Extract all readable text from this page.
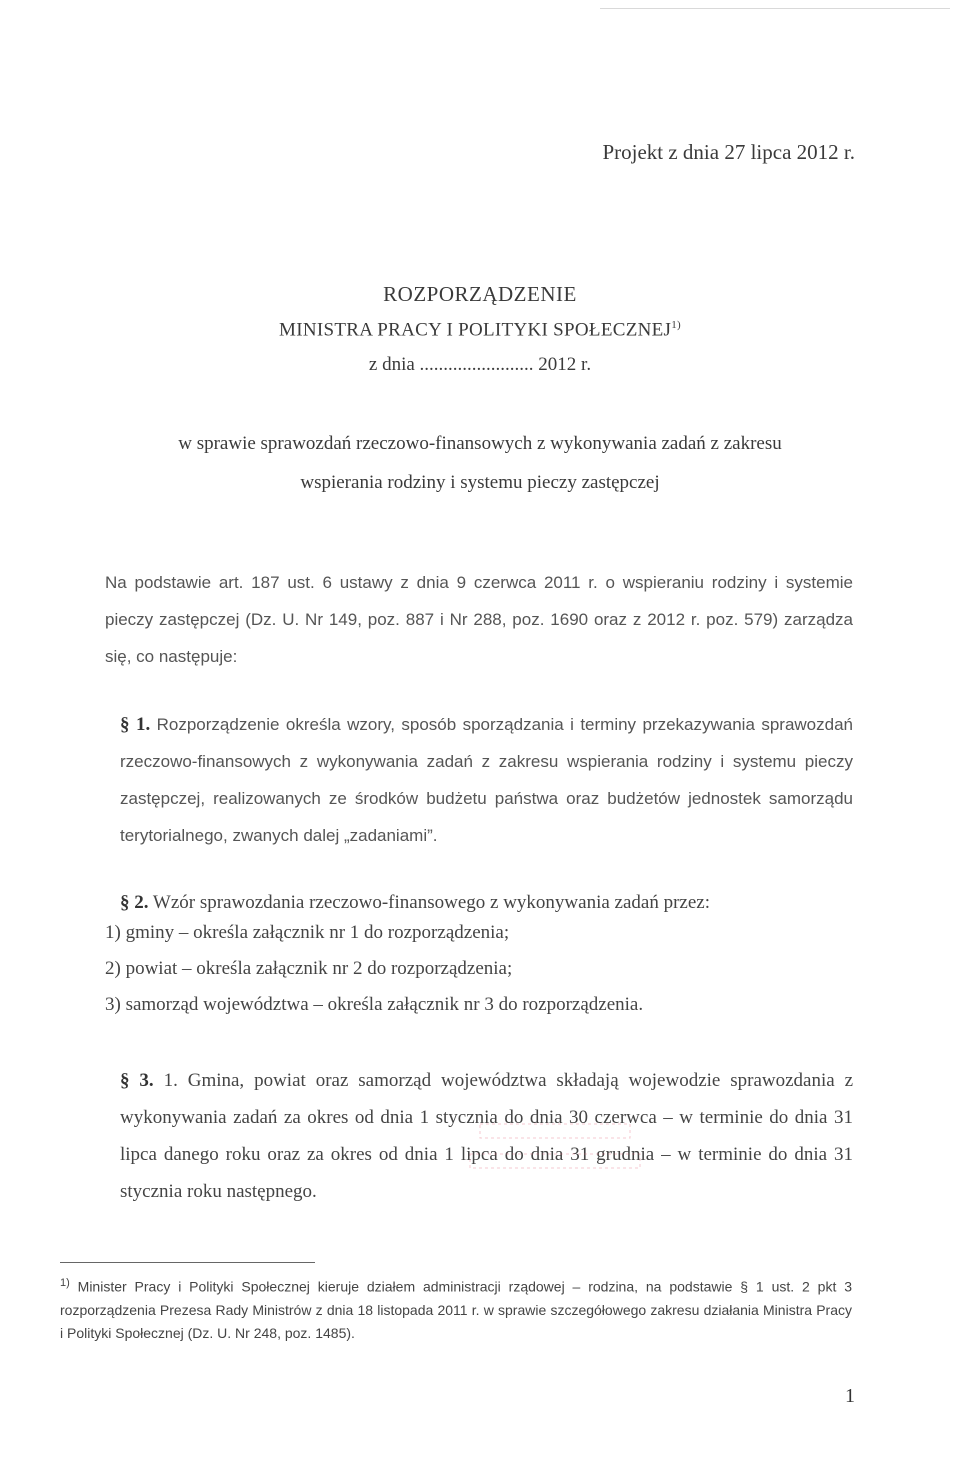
Projekt z dnia 27 lipca 2012 r.
ROZPORZĄDZENIE
MINISTRA PRACY I POLITYKI SPOŁECZNEJ$^{1)}$
z dnia ........................ 2012 r.
w sprawie sprawozdań rzeczowo-finansowych z wykonywania zadań z zakresu
wspierania rodziny i systemu pieczy zastępczej
Na podstawie art. 187 ust. 6 ustawy z dnia 9 czerwca 2011 r. o wspieraniu rodziny i systemie pieczy zastępczej (Dz. U. Nr 149, poz. 887 i Nr 288, poz. 1690 oraz z 2012 r. poz. 579) zarządza się, co następuje:
§ 1. Rozporządzenie określa wzory, sposób sporządzania i terminy przekazywania sprawozdań rzeczowo-finansowych z wykonywania zadań z zakresu wspierania rodziny i systemu pieczy zastępczej, realizowanych ze środków budżetu państwa oraz budżetów jednostek samorządu terytorialnego, zwanych dalej „zadaniami”.
§ 2. Wzór sprawozdania rzeczowo-finansowego z wykonywania zadań przez:
1) gminy – określa załącznik nr 1 do rozporządzenia;
2) powiat – określa załącznik nr 2 do rozporządzenia;
3) samorząd województwa – określa załącznik nr 3 do rozporządzenia.
§ 3. 1. Gmina, powiat oraz samorząd województwa składają wojewodzie sprawozdania z wykonywania zadań za okres od dnia 1 stycznia do dnia 30 czerwca – w terminie do dnia 31 lipca danego roku oraz za okres od dnia 1 lipca do dnia 31 grudnia – w terminie do dnia 31 stycznia roku następnego.
$^{1)}$ Minister Pracy i Polityki Społecznej kieruje działem administracji rządowej – rodzina, na podstawie § 1 ust. 2 pkt 3 rozporządzenia Prezesa Rady Ministrów z dnia 18 listopada 2011 r. w sprawie szczegółowego zakresu działania Ministra Pracy i Polityki Społecznej (Dz. U. Nr 248, poz. 1485).
1
